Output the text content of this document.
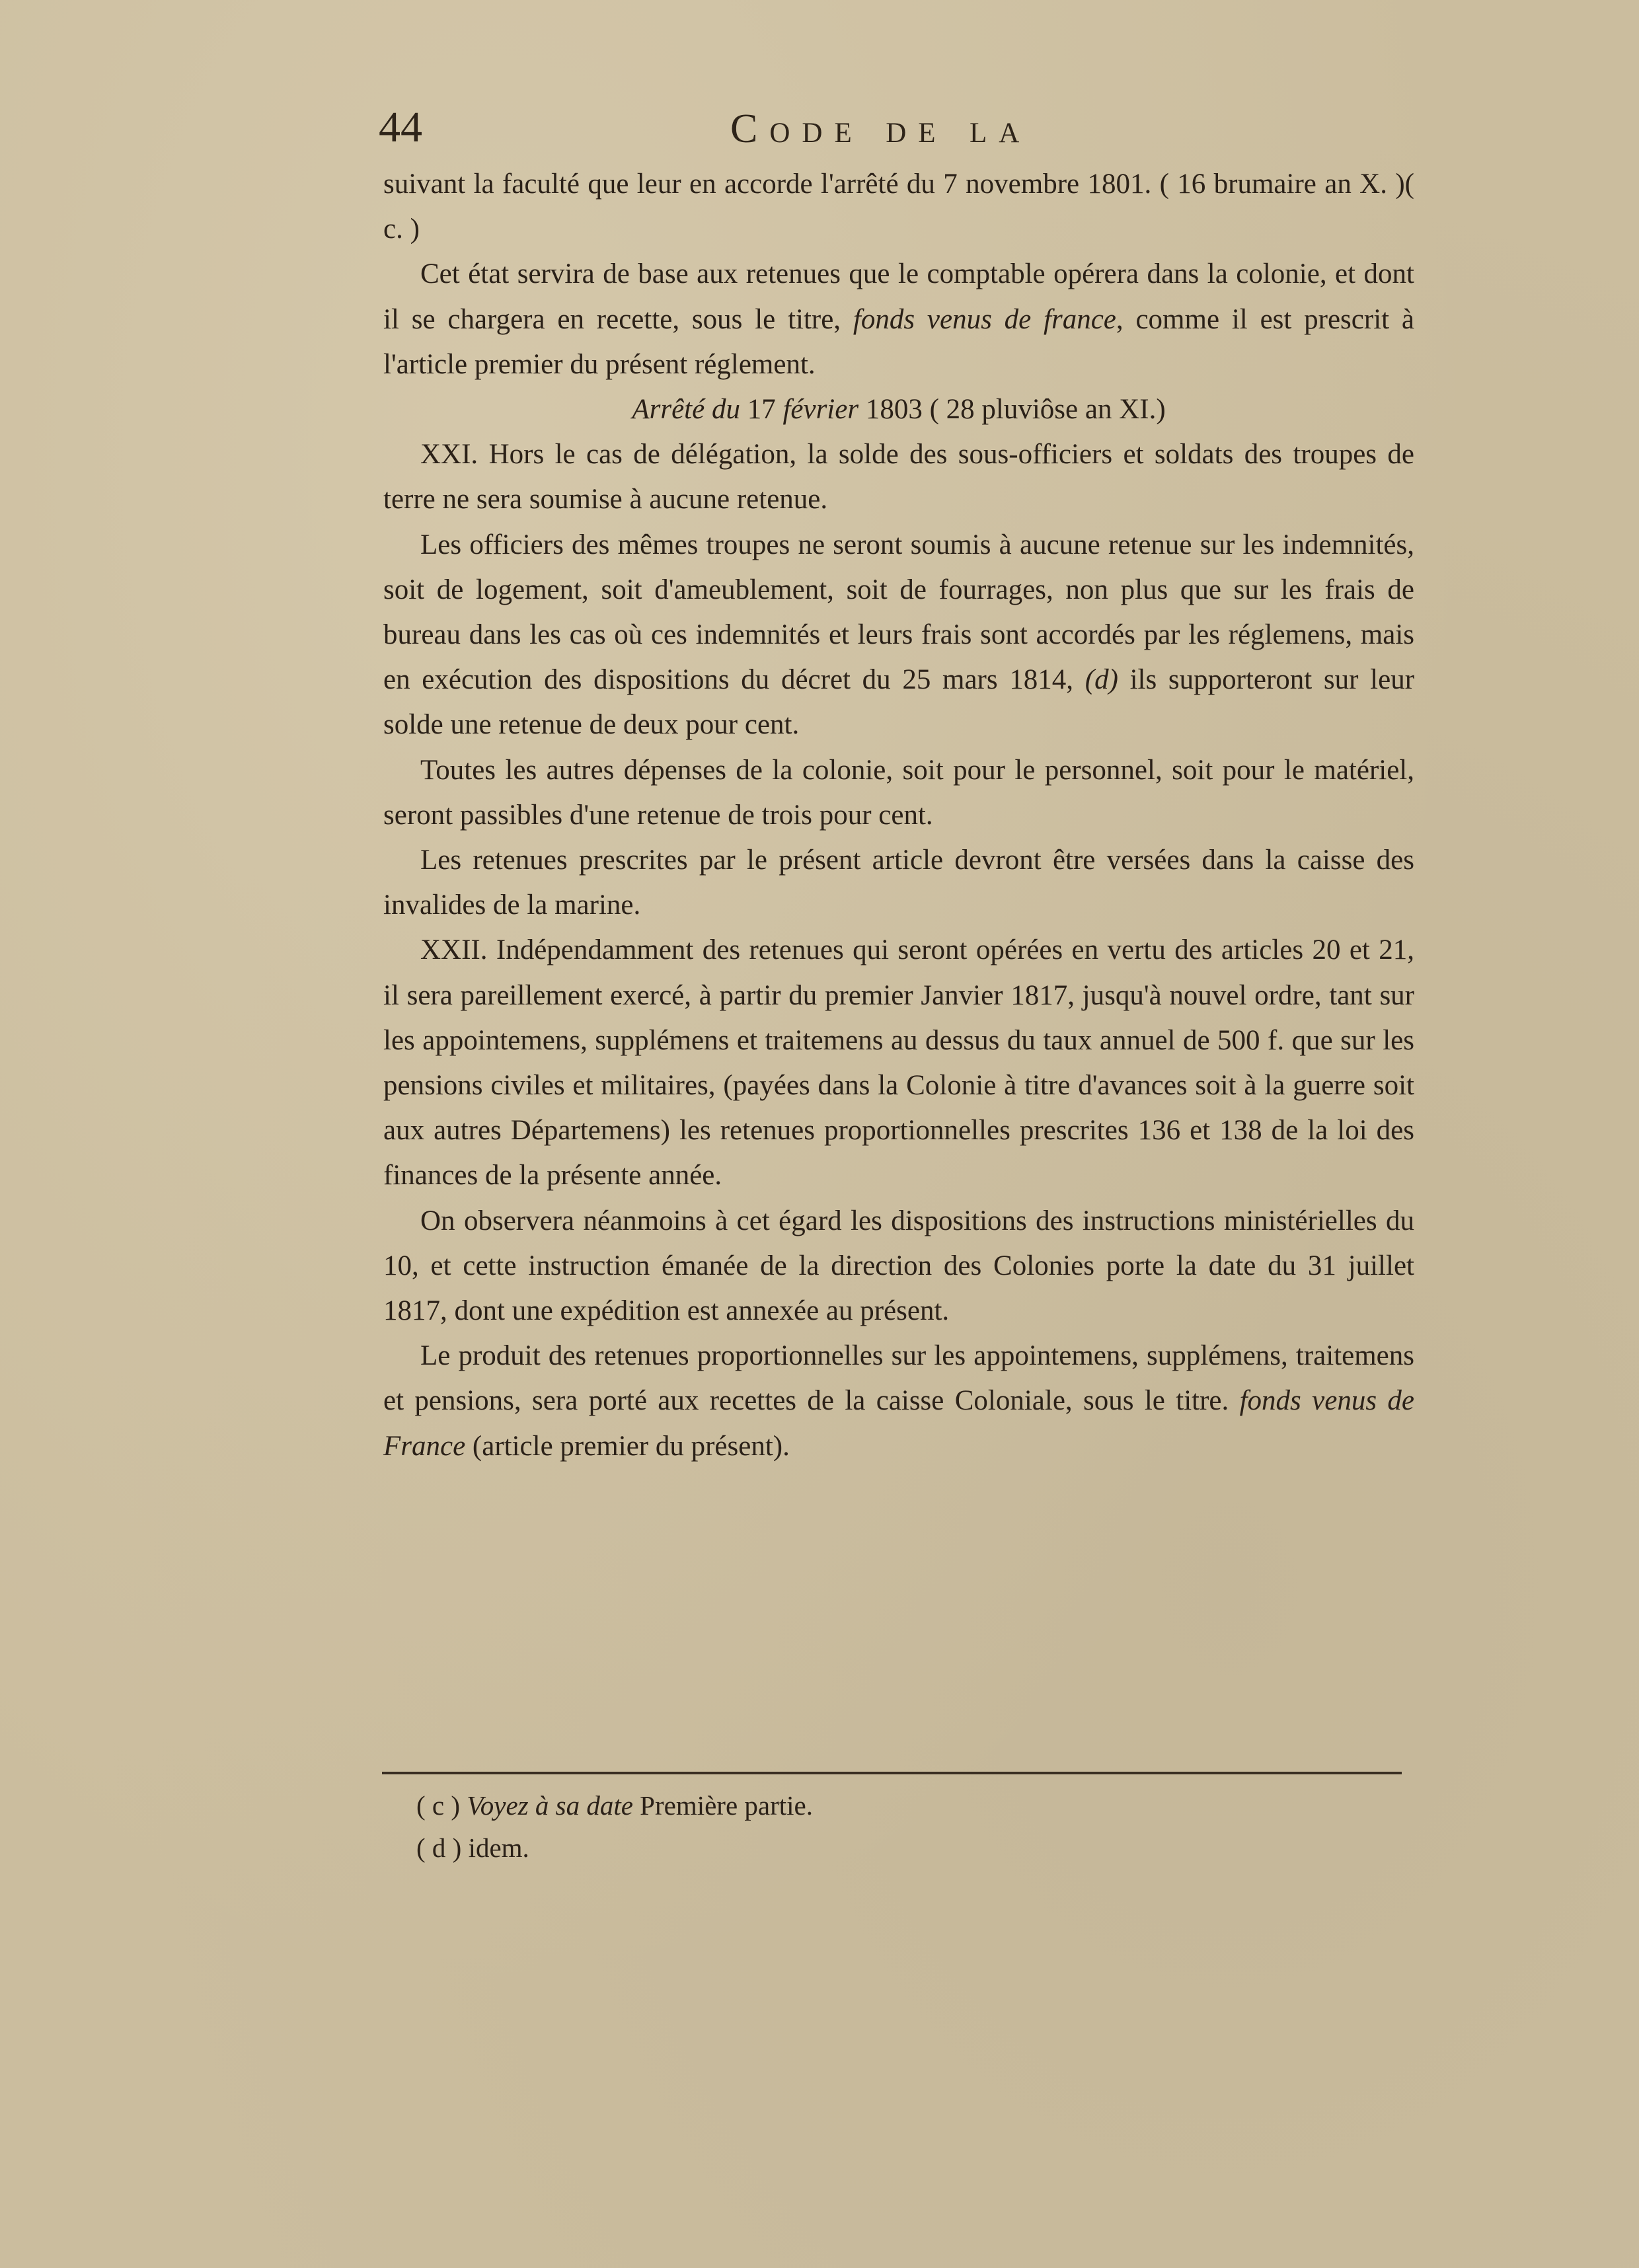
44	Code de la

suivant la faculté que leur en accorde l'arrêté du 7 novembre 1801. ( 16 brumaire an X. )( c. )

Cet état servira de base aux retenues que le comptable opérera dans la colonie, et dont il se chargera en recette, sous le titre, fonds venus de france, comme il est prescrit à l'article premier du présent réglement.

Arrêté du 17 février 1803 ( 28 pluviôse an XI.)

XXI. Hors le cas de délégation, la solde des sous-officiers et soldats des troupes de terre ne sera soumise à aucune retenue.

Les officiers des mêmes troupes ne seront soumis à aucune retenue sur les indemnités, soit de logement, soit d'ameublement, soit de fourrages, non plus que sur les frais de bureau dans les cas où ces indemnités et leurs frais sont accordés par les réglemens, mais en exécution des dispositions du décret du 25 mars 1814, (d) ils supporteront sur leur solde une retenue de deux pour cent.

Toutes les autres dépenses de la colonie, soit pour le personnel, soit pour le matériel, seront passibles d'une retenue de trois pour cent.

Les retenues prescrites par le présent article devront être versées dans la caisse des invalides de la marine.

XXII. Indépendamment des retenues qui seront opérées en vertu des articles 20 et 21, il sera pareillement exercé, à partir du premier Janvier 1817, jusqu'à nouvel ordre, tant sur les appointemens, supplémens et traitemens au dessus du taux annuel de 500 f. que sur les pensions civiles et militaires, (payées dans la Colonie à titre d'avances soit à la guerre soit aux autres Départemens) les retenues proportionnelles prescrites 136 et 138 de la loi des finances de la présente année.

On observera néanmoins à cet égard les dispositions des instructions ministérielles du 10, et cette instruction émanée de la direction des Colonies porte la date du 31 juillet 1817, dont une expédition est annexée au présent.

Le produit des retenues proportionnelles sur les appointemens, supplémens, traitemens et pensions, sera porté aux recettes de la caisse Coloniale, sous le titre. fonds venus de France (article premier du présent).

( c ) Voyez à sa date Première partie.

( d ) idem.
